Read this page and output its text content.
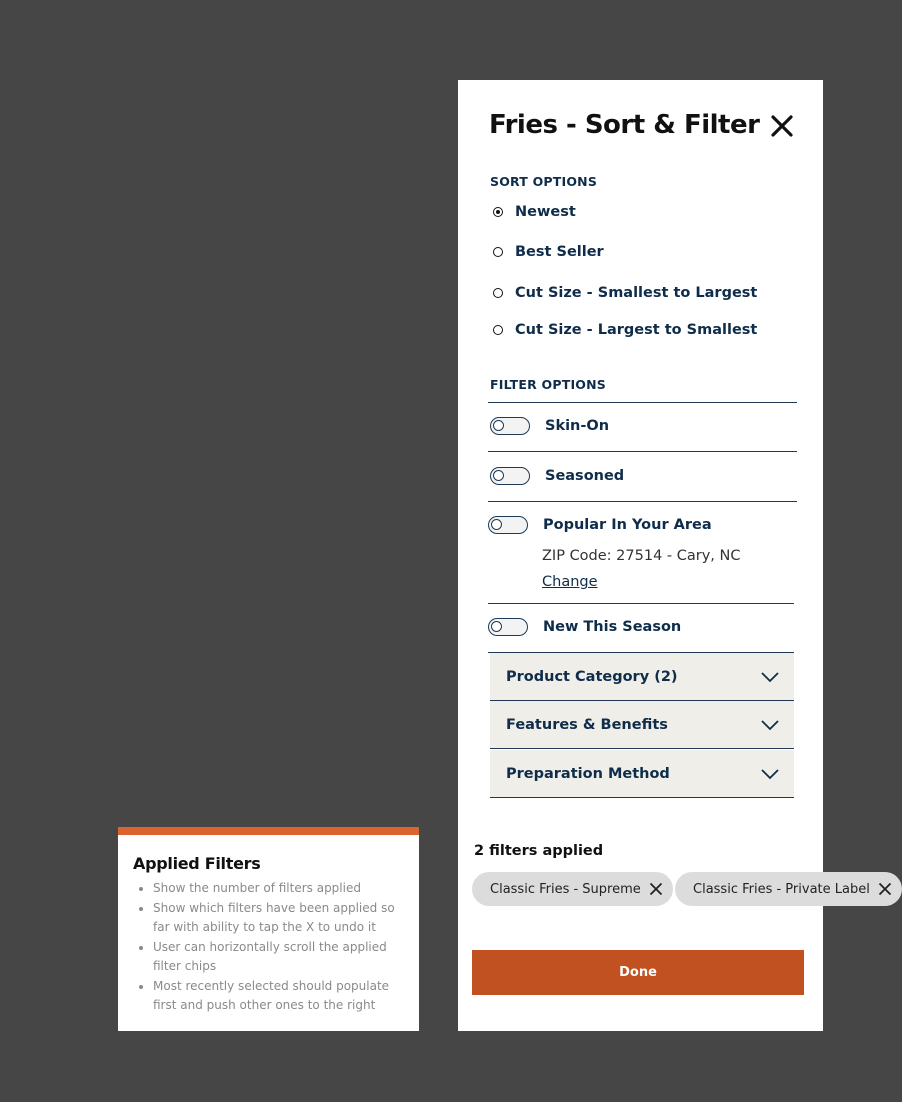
Applied Filters
• Show the number of filters applied
• Show which filters have been applied so far with ability to tap the X to undo it
• User can horizontally scroll the applied filter chips
• Most recently selected should populate first and push other ones to the right
Fries - Sort & Filter
SORT OPTIONS
Newest
Best Seller
Cut Size - Smallest to Largest
Cut Size - Largest to Smallest
FILTER OPTIONS
Skin-On
Seasoned
Popular In Your Area
ZIP Code: 27514 - Cary, NC
Change
New This Season
Product Category (2)
Features & Benefits
Preparation Method
2 filters applied
Classic Fries - Supreme	Classic Fries - Private Label
Done
